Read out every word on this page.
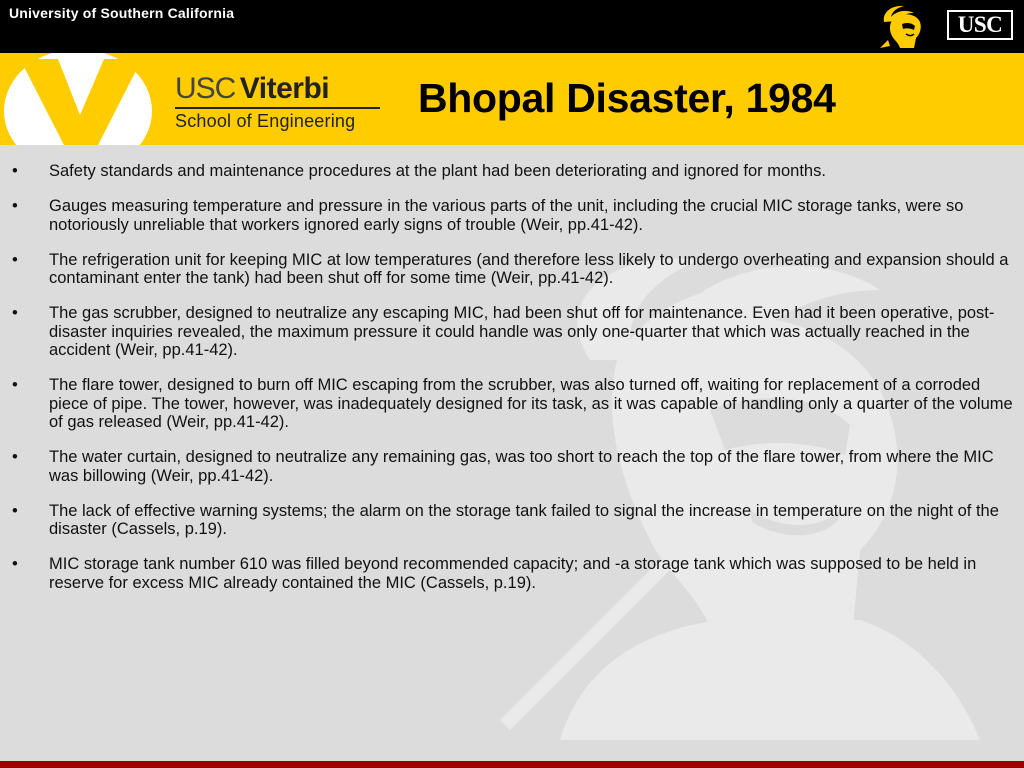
University of Southern California	USC
USC Viterbi
School of Engineering Bhopal Disaster, 1984
• Safety standards and maintenance procedures at the plant had been deteriorating and ignored for months.
• Gauges measuring temperature and pressure in the various parts of the unit, including the crucial MIC storage tanks, were so notoriously unreliable that workers ignored early signs of trouble (Weir, pp.41-42).
• The refrigeration unit for keeping MIC at low temperatures (and therefore less likely to undergo overheating and expansion should a contaminant enter the tank) had been shut off for some time (Weir, pp.41-42).
• The gas scrubber, designed to neutralize any escaping MIC, had been shut off for maintenance. Even had it been operative, post-disaster inquiries revealed, the maximum pressure it could handle was only one-quarter that which was actually reached in the accident (Weir, pp.41-42).
• The flare tower, designed to burn off MIC escaping from the scrubber, was also turned off, waiting for replacement of a corroded piece of pipe. The tower, however, was inadequately designed for its task, as it was capable of handling only a quarter of the volume of gas released (Weir, pp.41-42).
• The water curtain, designed to neutralize any remaining gas, was too short to reach the top of the flare tower, from where the MIC was billowing (Weir, pp.41-42).
• The lack of effective warning systems; the alarm on the storage tank failed to signal the increase in temperature on the night of the disaster (Cassels, p.19).
• MIC storage tank number 610 was filled beyond recommended capacity; and -a storage tank which was supposed to be held in reserve for excess MIC already contained the MIC (Cassels, p.19).
